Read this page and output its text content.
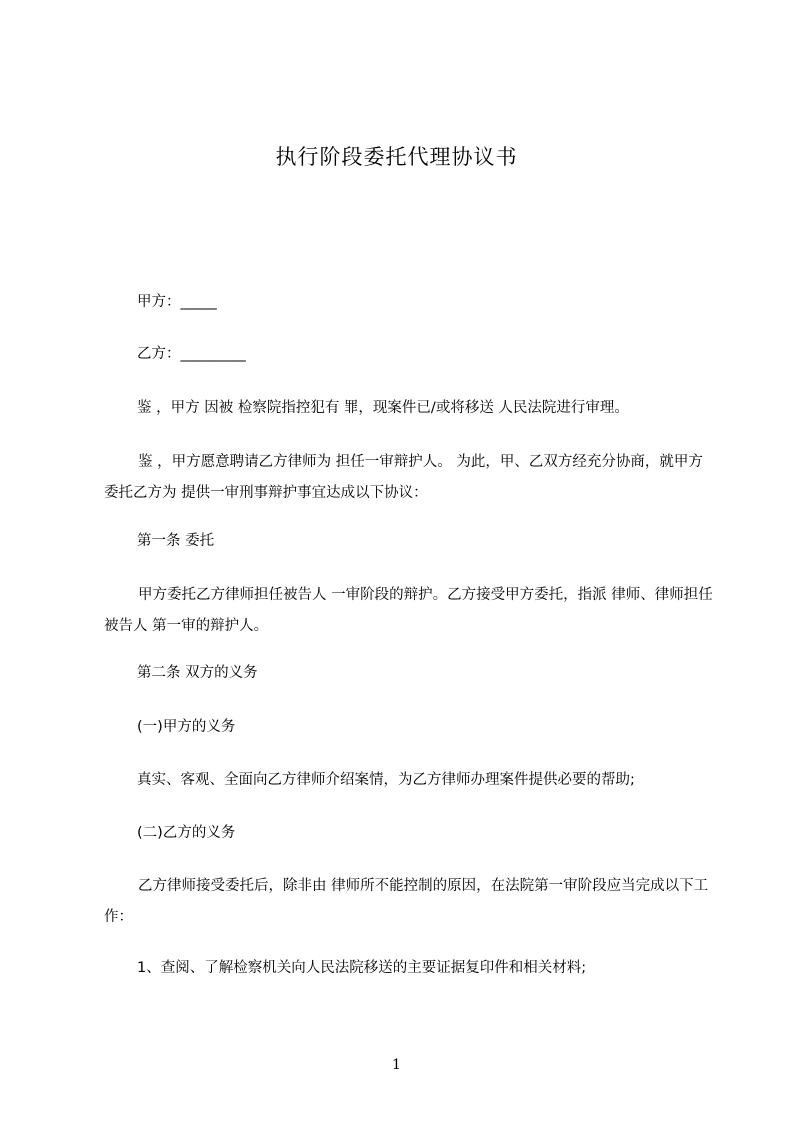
执行阶段委托代理协议书
甲方：_____
乙方：_________
鉴 ，甲方 因被 检察院指控犯有 罪，现案件已/或将移送 人民法院进行审理。
鉴 ，甲方愿意聘请乙方律师为 担任一审辩护人。 为此，甲、乙双方经充分协商，就甲方委托乙方为 提供一审刑事辩护事宜达成以下协议：
第一条 委托
甲方委托乙方律师担任被告人 一审阶段的辩护。乙方接受甲方委托，指派 律师、律师担任被告人 第一审的辩护人。
第二条 双方的义务
(一)甲方的义务
真实、客观、全面向乙方律师介绍案情，为乙方律师办理案件提供必要的帮助;
(二)乙方的义务
乙方律师接受委托后，除非由 律师所不能控制的原因，在法院第一审阶段应当完成以下工作：
1、查阅、了解检察机关向人民法院移送的主要证据复印件和相关材料;
1
